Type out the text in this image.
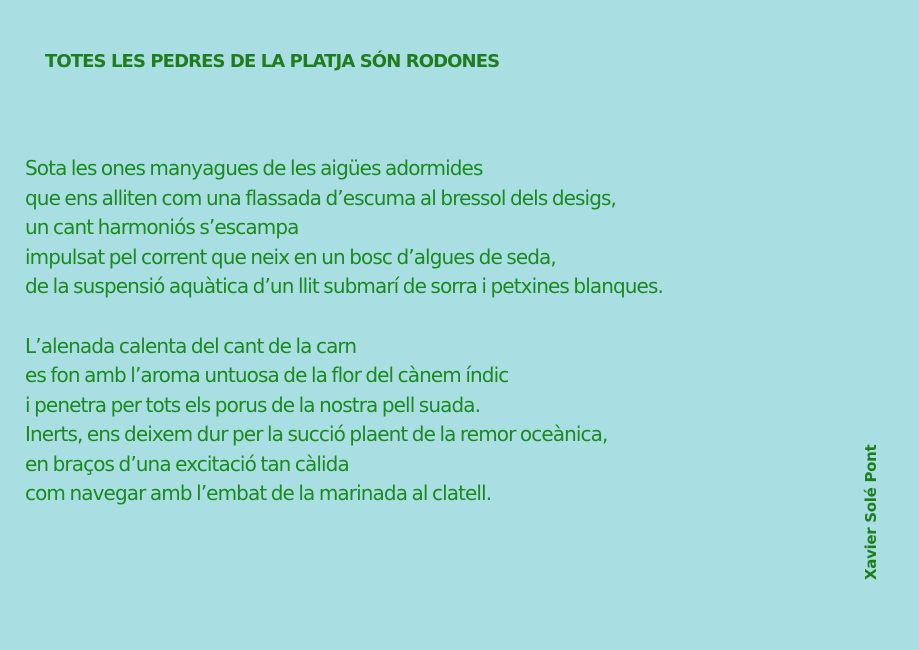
TOTES LES PEDRES DE LA PLATJA SÓN RODONES
Sota les ones manyagues de les aigües adormides
que ens alliten com una flassada d’escuma al bressol dels desigs,
un cant harmoniós s’escampa
impulsat pel corrent que neix en un bosc d’algues de seda,
de la suspensió aquàtica d’un llit submarí de sorra i petxines blanques.
L’alenada calenta del cant de la carn
es fon amb l’aroma untuosa de la flor del cànem índic
i penetra per tots els porus de la nostra pell suada.
Inerts, ens deixem dur per la succió plaent de la remor oceànica,
en braços d’una excitació tan càlida
com navegar amb l’embat de la marinada al clatell.	Xavier Solé Pont
